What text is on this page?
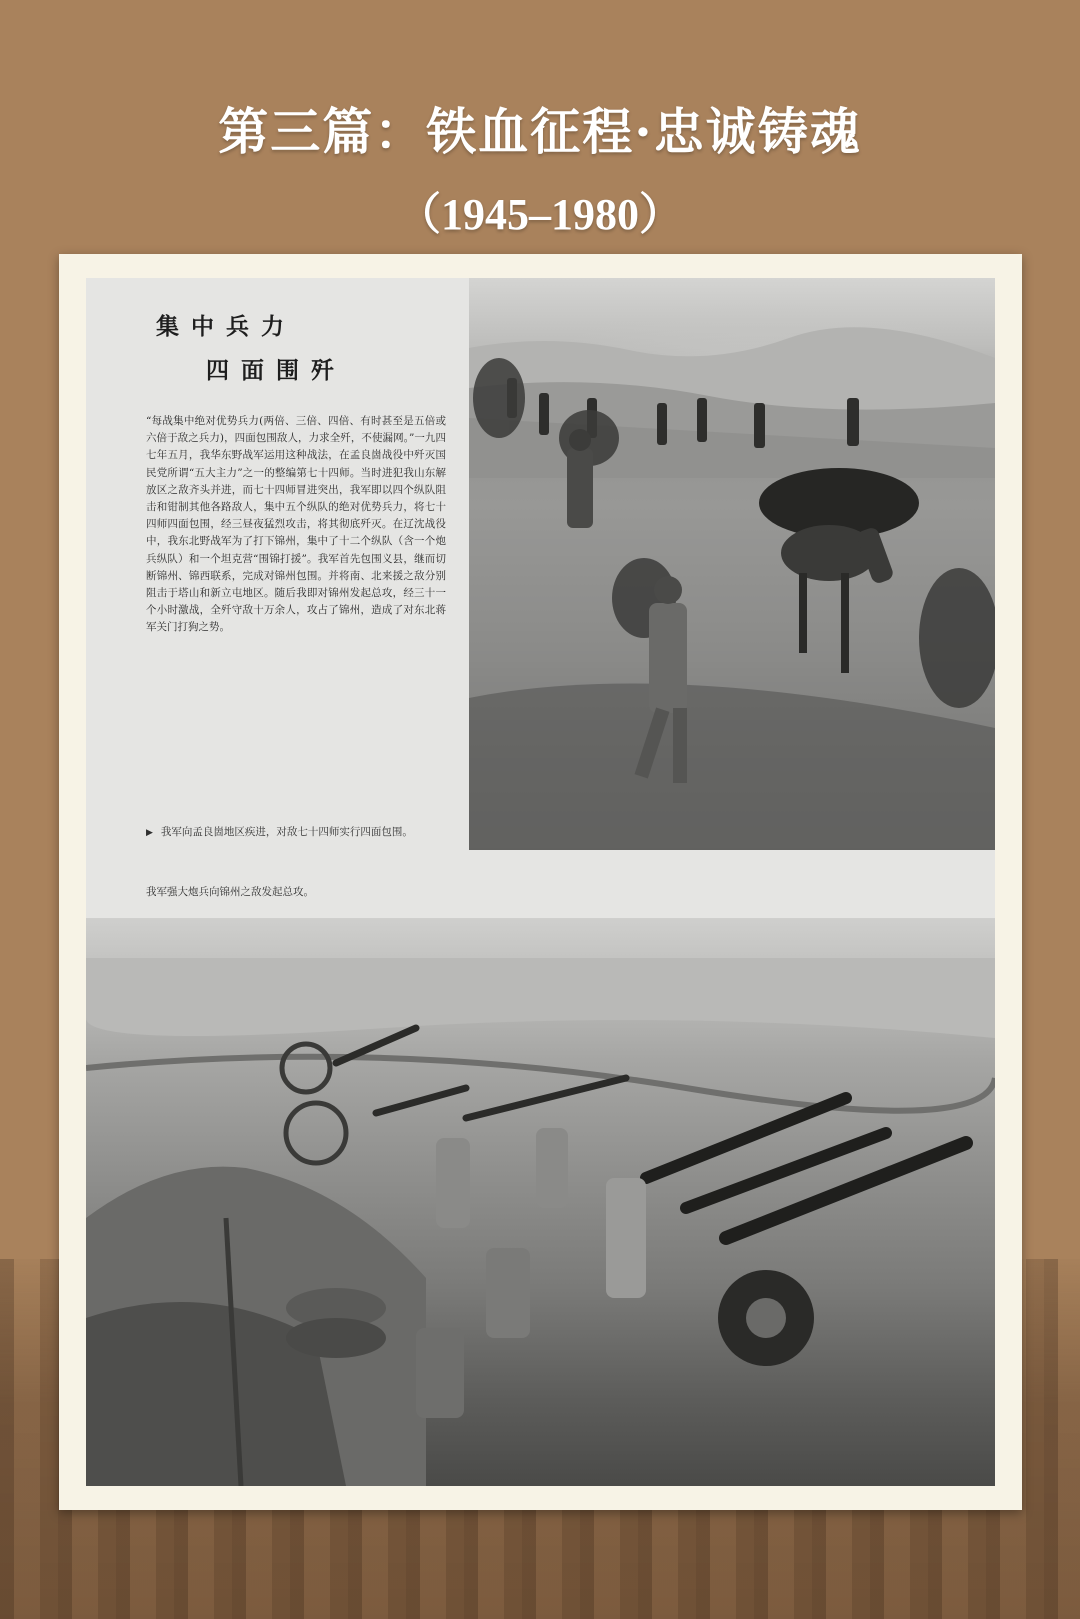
第三篇：铁血征程·忠诚铸魂
（1945–1980）
集中兵力
四面围歼
“每战集中绝对优势兵力(两倍、三倍、四倍、有时甚至是五倍或六倍于敌之兵力)，四面包围敌人，力求全歼，不使漏网。”一九四七年五月，我华东野战军运用这种战法，在孟良崮战役中歼灭国民党所谓“五大主力”之一的整编第七十四师。当时进犯我山东解放区之敌齐头并进，而七十四师冒进突出，我军即以四个纵队阻击和钳制其他各路敌人，集中五个纵队的绝对优势兵力，将七十四师四面包围，经三昼夜猛烈攻击，将其彻底歼灭。在辽沈战役中，我东北野战军为了打下锦州，集中了十二个纵队（含一个炮兵纵队）和一个坦克营“围锦打援”。我军首先包围义县，继而切断锦州、锦西联系，完成对锦州包围。并将南、北来援之敌分别阻击于塔山和新立屯地区。随后我即对锦州发起总攻，经三十一个小时激战，全歼守敌十万余人，攻占了锦州，造成了对东北蒋军关门打狗之势。
▶ 我军向孟良崮地区疾进，对敌七十四师实行四面包围。
我军强大炮兵向锦州之敌发起总攻。
